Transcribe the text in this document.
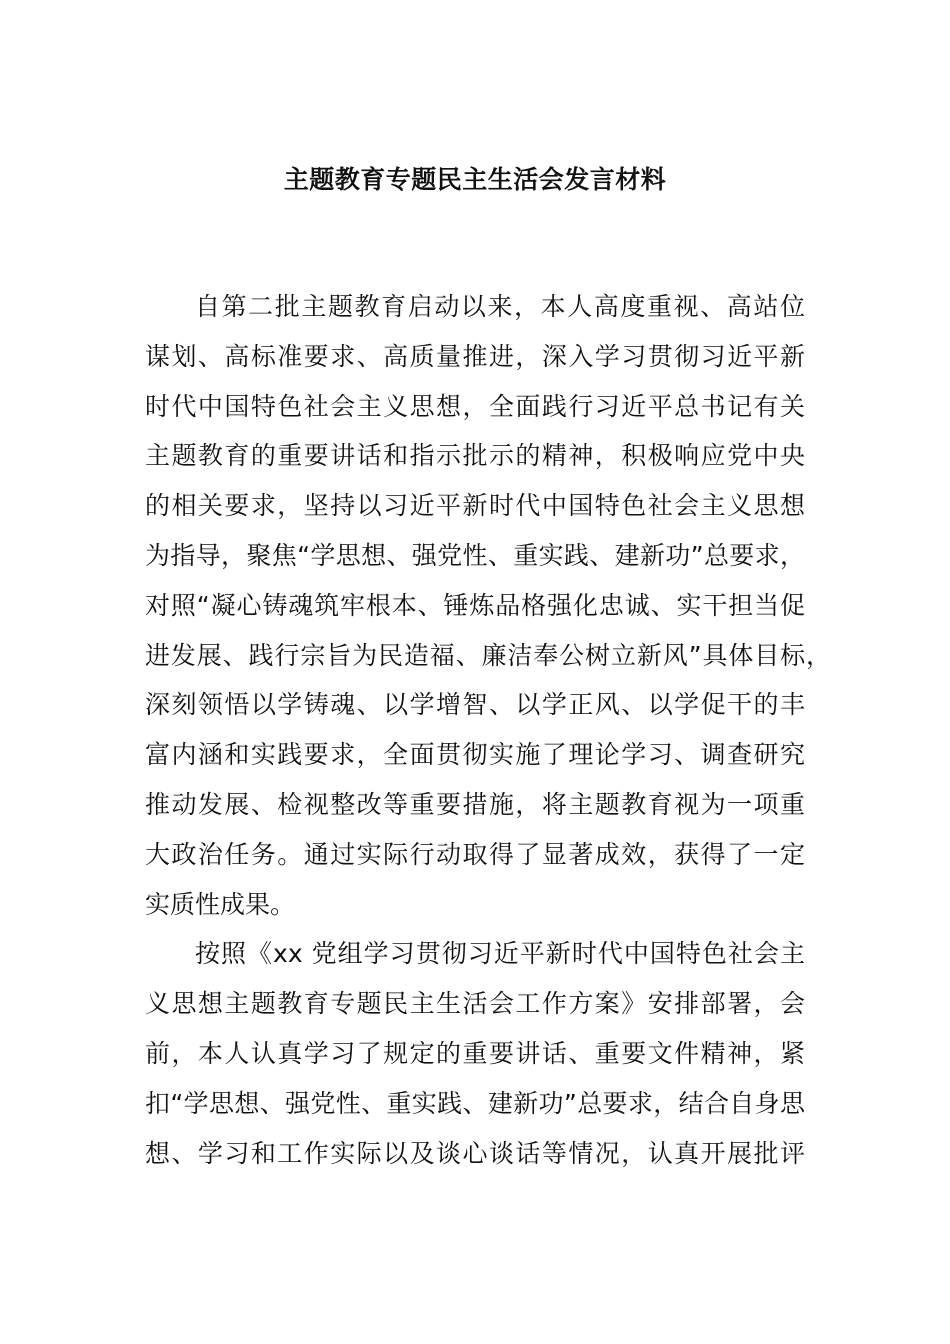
主题教育专题民主生活会发言材料

自第二批主题教育启动以来，本人高度重视、高站位
谋划、高标准要求、高质量推进，深入学习贯彻习近平新
时代中国特色社会主义思想，全面践行习近平总书记有关
主题教育的重要讲话和指示批示的精神，积极响应党中央
的相关要求，坚持以习近平新时代中国特色社会主义思想
为指导，聚焦“学思想、强党性、重实践、建新功”总要求，
对照“凝心铸魂筑牢根本、锤炼品格强化忠诚、实干担当促
进发展、践行宗旨为民造福、廉洁奉公树立新风”具体目标，
深刻领悟以学铸魂、以学增智、以学正风、以学促干的丰
富内涵和实践要求，全面贯彻实施了理论学习、调查研究
推动发展、检视整改等重要措施，将主题教育视为一项重
大政治任务。通过实际行动取得了显著成效，获得了一定
实质性成果。

按照《xx 党组学习贯彻习近平新时代中国特色社会主
义思想主题教育专题民主生活会工作方案》安排部署，会
前，本人认真学习了规定的重要讲话、重要文件精神，紧
扣“学思想、强党性、重实践、建新功”总要求，结合自身思
想、学习和工作实际以及谈心谈话等情况，认真开展批评
